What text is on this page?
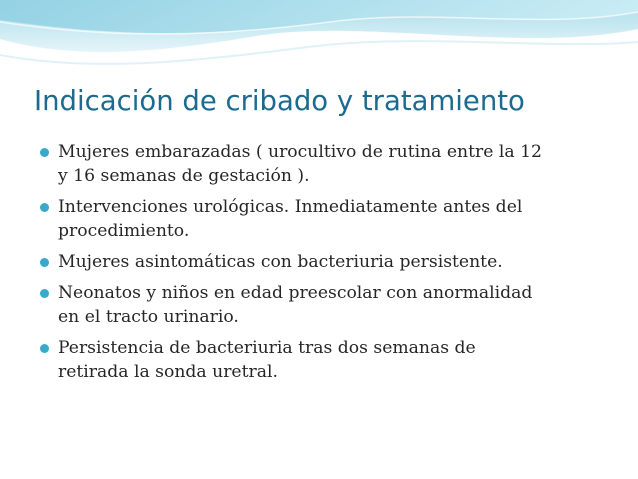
Indicación de cribado y tratamiento
Mujeres embarazadas ( urocultivo de rutina entre la 12
y 16 semanas de gestación ).
Intervenciones urológicas. Inmediatamente antes del
procedimiento.
Mujeres asintomáticas con bacteriuria persistente.
Neonatos y niños en edad preescolar con anormalidad
en el tracto urinario.
Persistencia de bacteriuria tras dos semanas de
retirada la sonda uretral.
